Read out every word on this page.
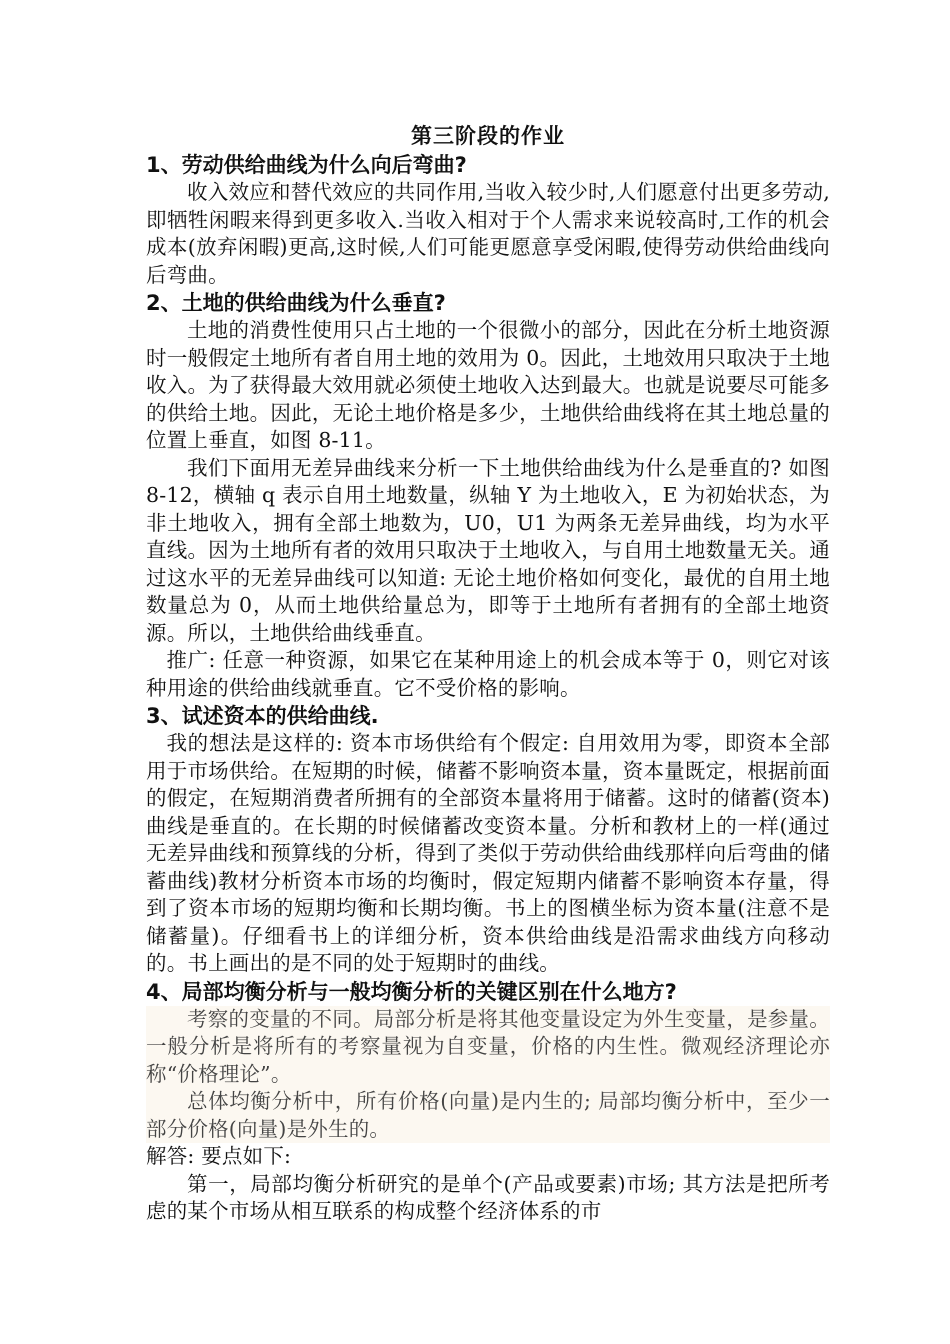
第三阶段的作业
1、劳动供给曲线为什么向后弯曲?

收入效应和替代效应的共同作用,当收入较少时,人们愿意付出更多劳动,即牺牲闲暇来得到更多收入.当收入相对于个人需求来说较高时,工作的机会成本(放弃闲暇)更高,这时候,人们可能更愿意享受闲暇,使得劳动供给曲线向后弯曲。

2、土地的供给曲线为什么垂直?

土地的消费性使用只占土地的一个很微小的部分，因此在分析土地资源时一般假定土地所有者自用土地的效用为 0。因此，土地效用只取决于土地收入。为了获得最大效用就必须使土地收入达到最大。也就是说要尽可能多的供给土地。因此，无论土地价格是多少，土地供给曲线将在其土地总量的位置上垂直，如图 8-11。

我们下面用无差异曲线来分析一下土地供给曲线为什么是垂直的? 如图 8-12，横轴 q 表示自用土地数量，纵轴 Y 为土地收入，E 为初始状态，为非土地收入，拥有全部土地数为，U0，U1 为两条无差异曲线，均为水平直线。因为土地所有者的效用只取决于土地收入，与自用土地数量无关。通过这水平的无差异曲线可以知道: 无论土地价格如何变化，最优的自用土地数量总为 0，从而土地供给量总为，即等于土地所有者拥有的全部土地资源。所以，土地供给曲线垂直。

推广: 任意一种资源，如果它在某种用途上的机会成本等于 0，则它对该种用途的供给曲线就垂直。它不受价格的影响。

3、试述资本的供给曲线.

我的想法是这样的: 资本市场供给有个假定: 自用效用为零，即资本全部用于市场供给。在短期的时候，储蓄不影响资本量，资本量既定，根据前面的假定，在短期消费者所拥有的全部资本量将用于储蓄。这时的储蓄(资本)曲线是垂直的。在长期的时候储蓄改变资本量。分析和教材上的一样(通过无差异曲线和预算线的分析，得到了类似于劳动供给曲线那样向后弯曲的储蓄曲线)教材分析资本市场的均衡时，假定短期内储蓄不影响资本存量，得到了资本市场的短期均衡和长期均衡。书上的图横坐标为资本量(注意不是储蓄量)。仔细看书上的详细分析，资本供给曲线是沿需求曲线方向移动的。书上画出的是不同的处于短期时的曲线。

4、局部均衡分析与一般均衡分析的关键区别在什么地方?

考察的变量的不同。局部分析是将其他变量设定为外生变量，是参量。一般分析是将所有的考察量视为自变量，价格的内生性。微观经济理论亦称“价格理论”。

总体均衡分析中，所有价格(向量)是内生的; 局部均衡分析中，至少一部分价格(向量)是外生的。

解答: 要点如下:

第一，局部均衡分析研究的是单个(产品或要素)市场; 其方法是把所考虑的某个市场从相互联系的构成整个经济体系的市
